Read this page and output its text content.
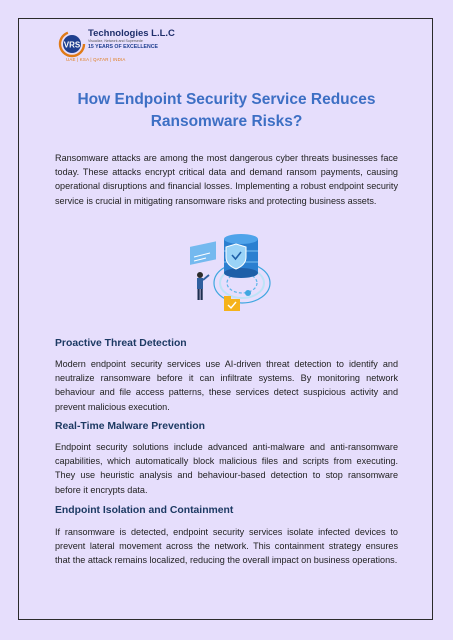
VRS
Technologies L.L.C
Visualize, Network and Supersede
15 YEARS OF EXCELLENCE
UAE | KSA | QATAR | INDIA
How Endpoint Security Service Reduces
Ransomware Risks?

Ransomware attacks are among the most dangerous cyber threats businesses face today. These attacks encrypt critical data and demand ransom payments, causing operational disruptions and financial losses. Implementing a robust endpoint security service is crucial in mitigating ransomware risks and protecting business assets.

Proactive Threat Detection

Modern endpoint security services use AI-driven threat detection to identify and neutralize ransomware before it can infiltrate systems. By monitoring network behaviour and file access patterns, these services detect suspicious activity and prevent malicious execution.

Real-Time Malware Prevention

Endpoint security solutions include advanced anti-malware and anti-ransomware capabilities, which automatically block malicious files and scripts from executing. They use heuristic analysis and behaviour-based detection to stop ransomware before it encrypts data.

Endpoint Isolation and Containment

If ransomware is detected, endpoint security services isolate infected devices to prevent lateral movement across the network. This containment strategy ensures that the attack remains localized, reducing the overall impact on business operations.
